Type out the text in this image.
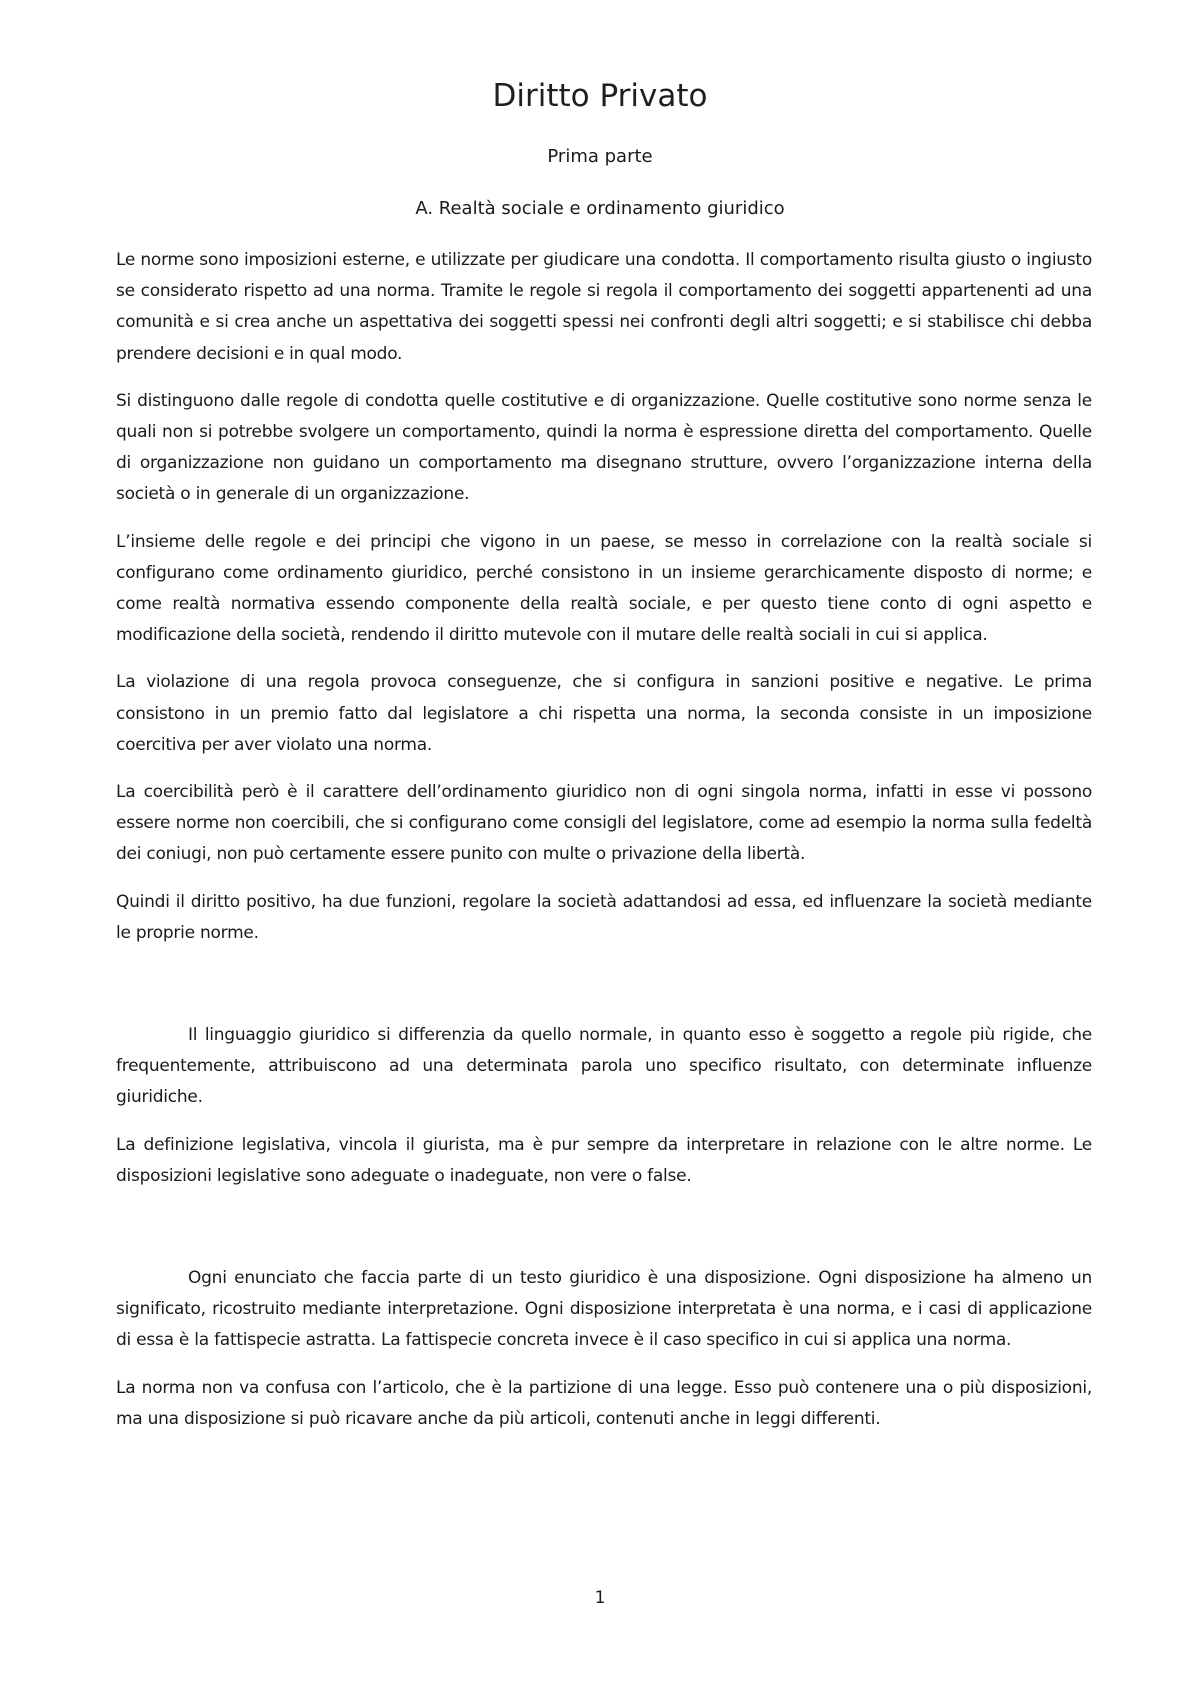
Diritto Privato

Prima parte

A. Realtà sociale e ordinamento giuridico

Le norme sono imposizioni esterne, e utilizzate per giudicare una condotta. Il comportamento risulta giusto o ingiusto se considerato rispetto ad una norma. Tramite le regole si regola il comportamento dei soggetti appartenenti ad una comunità e si crea anche un aspettativa dei soggetti spessi nei confronti degli altri soggetti; e si stabilisce chi debba prendere decisioni e in qual modo.

Si distinguono dalle regole di condotta quelle costitutive e di organizzazione. Quelle costitutive sono norme senza le quali non si potrebbe svolgere un comportamento, quindi la norma è espressione diretta del comportamento. Quelle di organizzazione non guidano un comportamento ma disegnano strutture, ovvero l’organizzazione interna della società o in generale di un organizzazione.

L’insieme delle regole e dei principi che vigono in un paese, se messo in correlazione con la realtà sociale si configurano come ordinamento giuridico, perché consistono in un insieme gerarchicamente disposto di norme; e come realtà normativa essendo componente della realtà sociale, e per questo tiene conto di ogni aspetto e modificazione della società, rendendo il diritto mutevole con il mutare delle realtà sociali in cui si applica.

La violazione di una regola provoca conseguenze, che si configura in sanzioni positive e negative. Le prima consistono in un premio fatto dal legislatore a chi rispetta una norma, la seconda consiste in un imposizione coercitiva per aver violato una norma.

La coercibilità però è il carattere dell’ordinamento giuridico non di ogni singola norma, infatti in esse vi possono essere norme non coercibili, che si configurano come consigli del legislatore, come ad esempio la norma sulla fedeltà dei coniugi, non può certamente essere punito con multe o privazione della libertà.

Quindi il diritto positivo, ha due funzioni, regolare la società adattandosi ad essa, ed influenzare la società mediante le proprie norme.

Il linguaggio giuridico si differenzia da quello normale, in quanto esso è soggetto a regole più rigide, che frequentemente, attribuiscono ad una determinata parola uno specifico risultato, con determinate influenze giuridiche.

La definizione legislativa, vincola il giurista, ma è pur sempre da interpretare in relazione con le altre norme. Le disposizioni legislative sono adeguate o inadeguate, non vere o false.

Ogni enunciato che faccia parte di un testo giuridico è una disposizione. Ogni disposizione ha almeno un significato, ricostruito mediante interpretazione. Ogni disposizione interpretata è una norma, e i casi di applicazione di essa è la fattispecie astratta. La fattispecie concreta invece è il caso specifico in cui si applica una norma.

La norma non va confusa con l’articolo, che è la partizione di una legge. Esso può contenere una o più disposizioni, ma una disposizione si può ricavare anche da più articoli, contenuti anche in leggi differenti.

1
